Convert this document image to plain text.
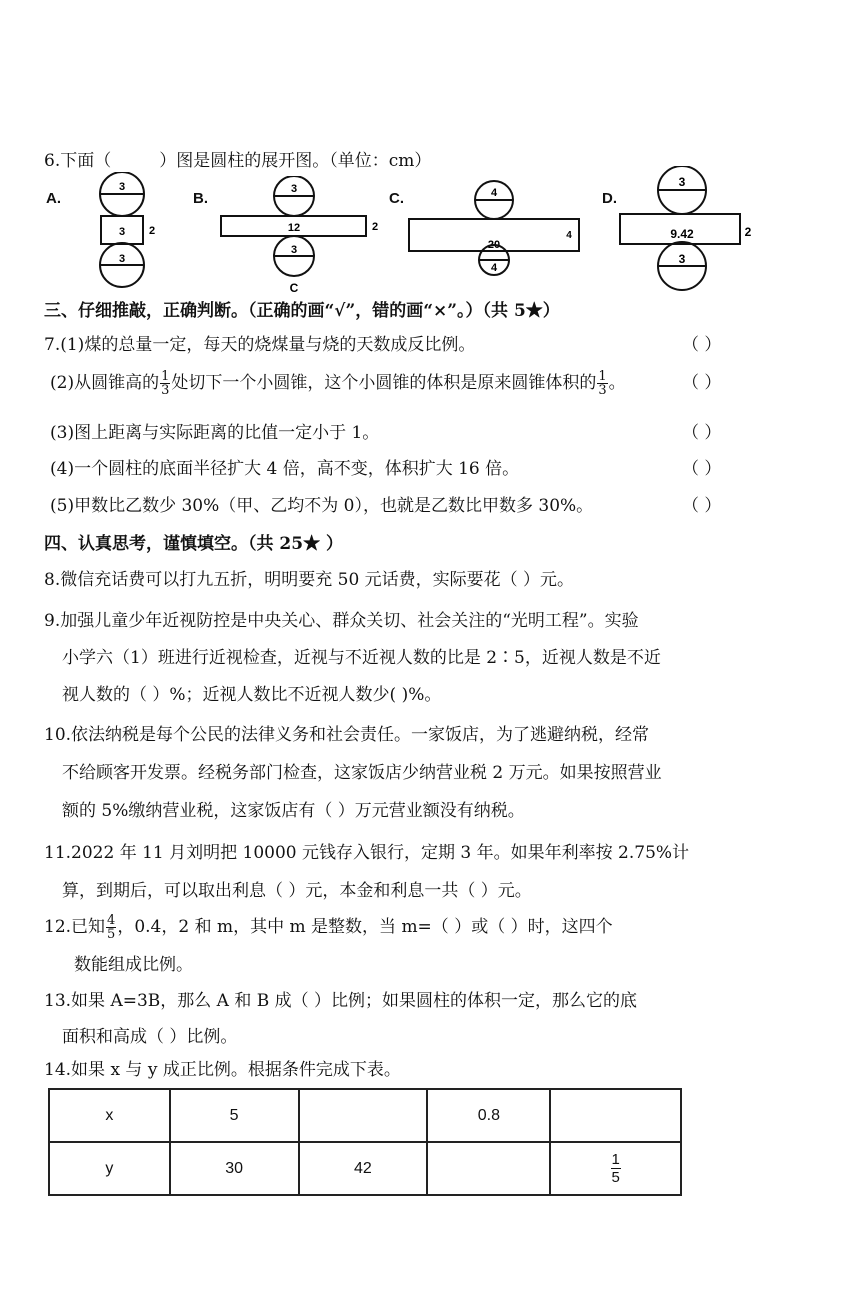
6.下面（	）图是圆柱的展开图。（单位：cm）
A.	B.	C.	D.
3
3 2
3
3
12	2
3
C
4
20
4
4
3
9.42	2
3
三、仔细推敲，正确判断。（正确的画“√”，错的画“×”。）（共 5★）
7.(1)煤的总量一定，每天的烧煤量与烧的天数成反比例。	（ ）
(2)从圆锥高的 $\frac{1}{3}$ 处切下一个小圆锥，这个小圆锥的体积是原来圆锥体积的 $\frac{1}{3}$ 。	（ ）
(3)图上距离与实际距离的比值一定小于 1。	（ ）
(4)一个圆柱的底面半径扩大 4 倍，高不变，体积扩大 16 倍。	（ ）
(5)甲数比乙数少 30%（甲、乙均不为 0），也就是乙数比甲数多 30%。	（ ）
四、认真思考，谨慎填空。（共 25★ ）
8.微信充话费可以打九五折，明明要充 50 元话费，实际要花（ ）元。
9.加强儿童少年近视防控是中央关心、群众关切、社会关注的“光明工程”。实验
小学六（1）班进行近视检查，近视与不近视人数的比是 2∶5，近视人数是不近
视人数的（ ）%；近视人数比不近视人数少( )%。
10.依法纳税是每个公民的法律义务和社会责任。一家饭店，为了逃避纳税，经常
不给顾客开发票。经税务部门检查，这家饭店少纳营业税 2 万元。如果按照营业
额的 5%缴纳营业税，这家饭店有（ ）万元营业额没有纳税。
11.2022 年 11 月刘明把 10000 元钱存入银行，定期 3 年。如果年利率按 2.75%计
算，到期后，可以取出利息（ ）元，本金和利息一共（ ）元。
12.已知 $\frac{4}{5}$ ，0.4，2 和 m，其中 m 是整数，当 m=（ ）或（ ）时，这四个
数能组成比例。
13.如果 A=3B，那么 A 和 B 成（ ）比例；如果圆柱的体积一定，那么它的底
面积和高成（ ）比例。
14.如果 x 与 y 成正比例。根据条件完成下表。
x	5		0.8	
y	30	42		$\frac{1}{5}$
